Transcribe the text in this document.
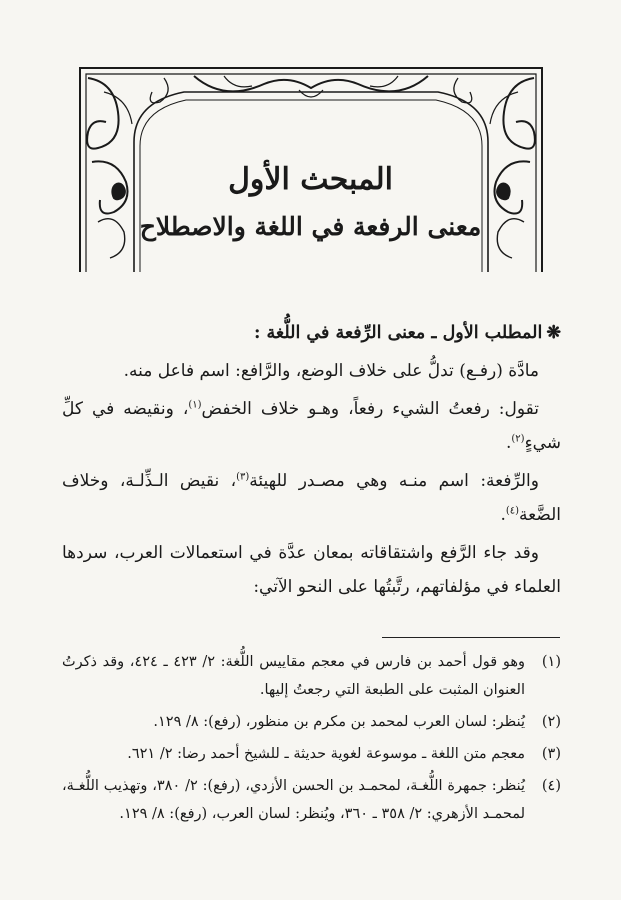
المبحث الأول
معنى الرفعة في اللغة والاصطلاح

❋المطلب الأول ـ معنى الرِّفعة في اللُّغة :

مادَّة (رفـع) تدلُّ على خلاف الوضع، والرَّافع: اسم فاعل منه.

تقول: رفعتُ الشيء رفعاً، وهـو خلاف الخفض$^{(١)}$، ونقيضه في كلِّ شيءٍ$^{(٢)}$.

والرِّفعة: اسم منـه وهي مصـدر للهيئة$^{(٣)}$، نقيض الـذِّلـة، وخلاف الضَّعة$^{(٤)}$.

وقد جاء الرَّفع واشتقاقاته بمعان عدَّة في استعمالات العرب، سردها العلماء في مؤلفاتهم، رتَّبتُها على النحو الآتي:

(١)
وهو قول أحمد بن فارس في معجم مقاييس اللُّغة: ٢/ ٤٢٣ ـ ٤٢٤، وقد ذكرتُ العنوان المثبت على الطبعة التي رجعتُ إليها.
(٢)
يُنظر: لسان العرب لمحمد بن مكرم بن منظور، (رفع): ٨/ ١٢٩.
(٣)
معجم متن اللغة ـ موسوعة لغوية حديثة ـ للشيخ أحمد رضا: ٢/ ٦٢١.
(٤)
يُنظر: جمهرة اللُّغـة، لمحمـد بن الحسن الأزدي، (رفع): ٢/ ٣٨٠، وتهذيب اللُّغـة، لمحمـد الأزهري: ٢/ ٣٥٨ ـ ٣٦٠، ويُنظر: لسان العرب، (رفع): ٨/ ١٢٩.
